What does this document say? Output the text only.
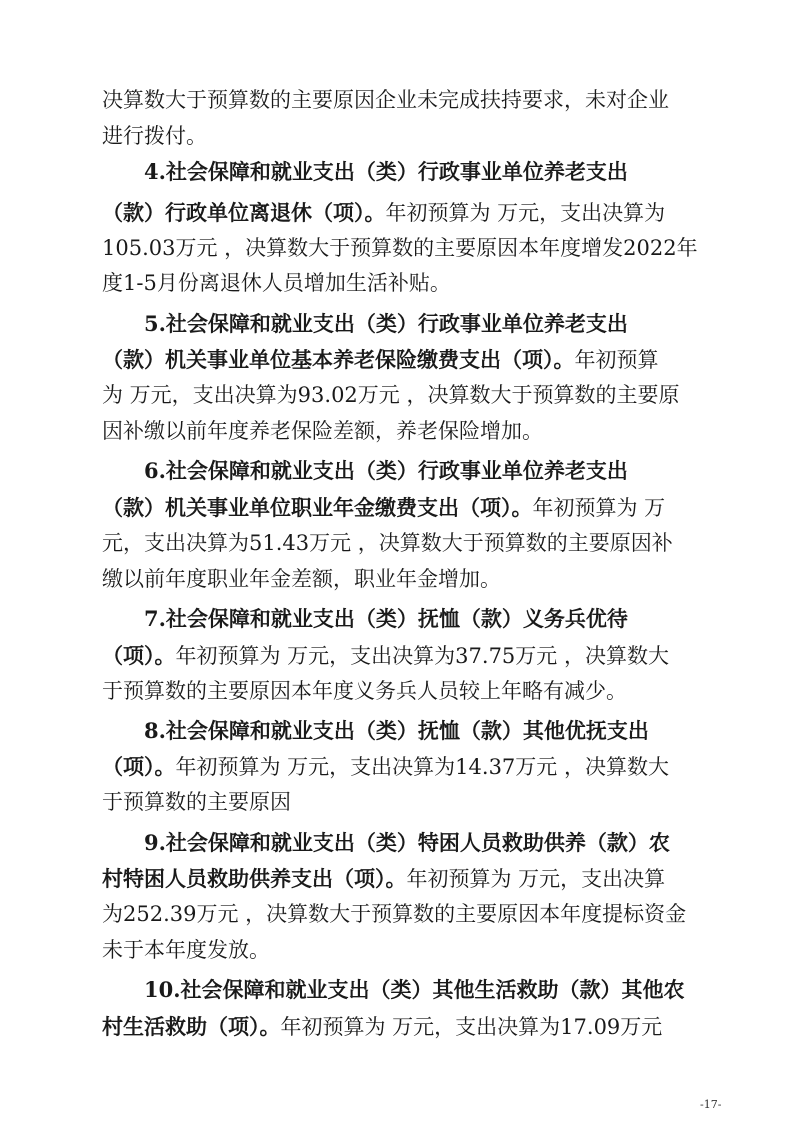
决算数大于预算数的主要原因企业未完成扶持要求，未对企业

进行拨付。

4.社会保障和就业支出（类）行政事业单位养老支出

（款）行政单位离退休（项）。年初预算为 万元，支出决算为

105.03万元 ，决算数大于预算数的主要原因本年度增发2022年

度1-5月份离退休人员增加生活补贴。

5.社会保障和就业支出（类）行政事业单位养老支出

（款）机关事业单位基本养老保险缴费支出（项）。年初预算

为 万元，支出决算为93.02万元 ，决算数大于预算数的主要原

因补缴以前年度养老保险差额，养老保险增加。

6.社会保障和就业支出（类）行政事业单位养老支出

（款）机关事业单位职业年金缴费支出（项）。年初预算为 万

元，支出决算为51.43万元 ，决算数大于预算数的主要原因补

缴以前年度职业年金差额，职业年金增加。

7.社会保障和就业支出（类）抚恤（款）义务兵优待

（项）。年初预算为 万元，支出决算为37.75万元 ，决算数大

于预算数的主要原因本年度义务兵人员较上年略有减少。

8.社会保障和就业支出（类）抚恤（款）其他优抚支出

（项）。年初预算为 万元，支出决算为14.37万元 ，决算数大

于预算数的主要原因

9.社会保障和就业支出（类）特困人员救助供养（款）农

村特困人员救助供养支出（项）。年初预算为 万元，支出决算

为252.39万元 ，决算数大于预算数的主要原因本年度提标资金

未于本年度发放。

10.社会保障和就业支出（类）其他生活救助（款）其他农

村生活救助（项）。年初预算为 万元，支出决算为17.09万元

-17-
